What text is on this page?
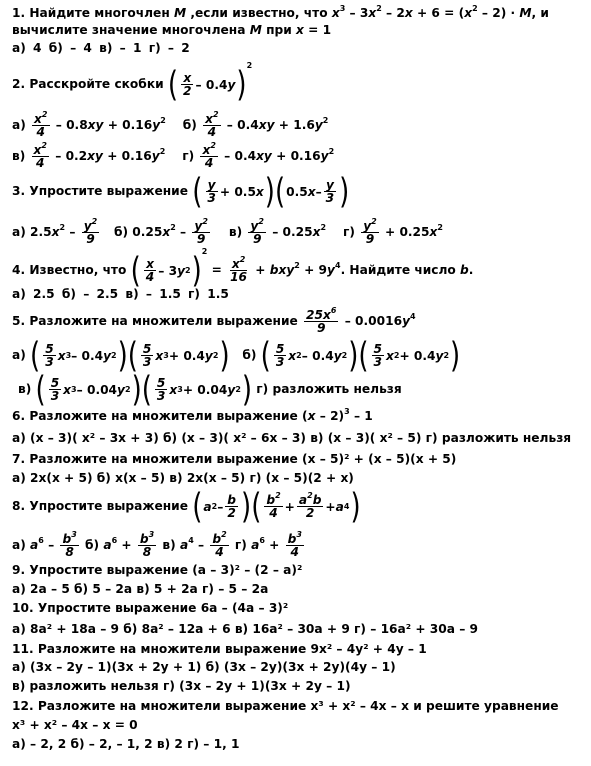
1. Найдите многочлен M ,если известно, что $x^3 - 3x^2 - 2x + 6 = (x^2 - 2) \cdot M$, и
вычислите значение многочлена M при x = 1
а) 4 б) – 4 в) – 1 г) – 2
2. Расскройте скобки ( x
2 – 0.4 y ) $^2$
$а) \frac{x^2}{4} - 0.8xy + 0.16y^2$    $б) \frac{x^2}{4} - 0.4xy + 1.6y^2$
$в) \frac{x^2}{4} - 0.2xy + 0.16y^2$    $г) \frac{x^2}{4} - 0.4xy + 0.16y^2$
3. Упростите выражение ( y
3 + 0.5 x ) ( 0.5 x – y
3 )
а) $2.5x^2 - \frac{y^2}{9} б$) $0.25x^2 - \frac{y^2}{9} в) \frac{y^2}{9} - 0.25x^2$    $г) \frac{y^2}{9} + 0.25x^2$
4. Известно, что ( x
4 – 3 y 2 ) $^2 = \frac{x^2}{16} + bxy^2 + 9y^4$. Найдите число b.
а) 2.5 б) – 2.5 в) – 1.5 г) 1.5
5. Разложите на множители выражение $\frac{25x^6}{9} - 0.0016y^4$
а) ( 5
3 x 3 – 0.4 y 2 ) ( 5
3 x 3 + 0.4 y 2 ) б) ( 5
3 x 2 – 0.4 y 2 ) ( 5
3 x 2 + 0.4 y 2 )
в) ( 5
3 x 3 – 0.04 y 2 ) ( 5
3 x 3 + 0.04 y 2 ) г) разложить нельзя
6. Разложите на множители выражение (x – 2)$^3$ – 1
а) (x – 3)( x² – 3x + 3) б) (x – 3)( x² – 6x – 3) в) (x – 3)( x² – 5) г) разложить нельзя
7. Разложите на множители выражение (x – 5)² + (x – 5)(x + 5)
а) 2x(x + 5) б) x(x – 5) в) 2x(x – 5) г) (x – 5)(2 + x)
8. Упростите выражение ( a 2 – b
2 ) ( $b^2$
$4 + a^2b$
2 + a 4 )
а) $a^6 - \frac{b^3}{8} б$) $a^6 + \frac{b^3}{8} в$) $a^4 - \frac{b^2}{4} г$) $a^6 + \frac{b^3}{4}$
9. Упростите выражение (a – 3)² – (2 – a)²
а) 2a – 5 б) 5 – 2a в) 5 + 2a г) – 5 – 2a
10. Упростите выражение 6a – (4a – 3)²
а) 8a² + 18a – 9 б) 8a² – 12a + 6 в) 16a² – 30a + 9 г) – 16a² + 30a – 9
11. Разложите на множители выражение 9x² – 4y² + 4y – 1
а) (3x – 2y – 1)(3x + 2y + 1) б) (3x – 2y)(3x + 2y)(4y – 1)
в) разложить нельзя г) (3x – 2y + 1)(3x + 2y – 1)
12. Разложите на множители выражение x³ + x² – 4x – x и решите уравнение
x³ + x² – 4x – x = 0
а) – 2, 2 б) – 2, – 1, 2 в) 2 г) – 1, 1
